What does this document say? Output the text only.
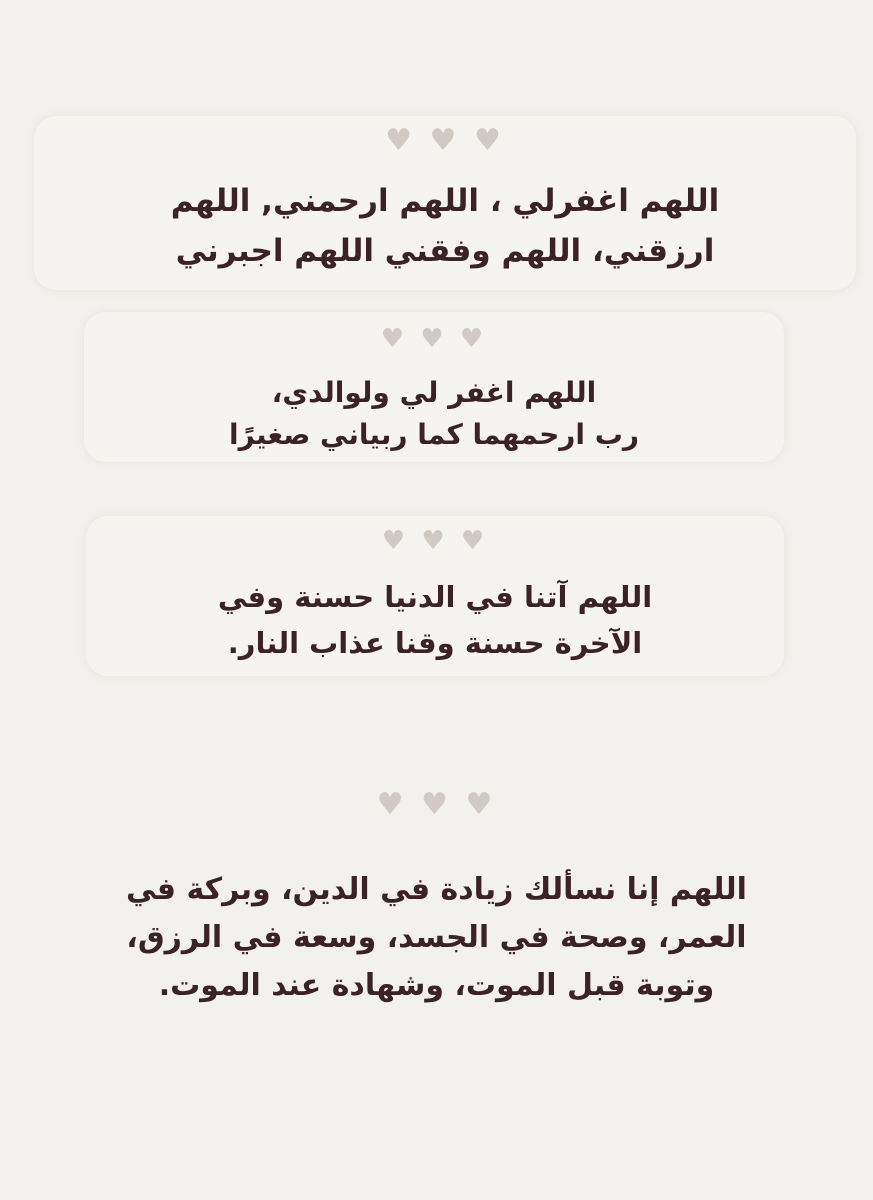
♥ ♥ ♥
اللهم اغفرلي ، اللهم ارحمني, اللهم
ارزقني، اللهم وفقني اللهم اجبرني
♥ ♥ ♥
اللهم اغفر لي ولوالدي،
رب ارحمهما كما ربياني صغيرًا
♥ ♥ ♥
اللهم آتنا في الدنيا حسنة وفي
الآخرة حسنة وقنا عذاب النار.
♥ ♥ ♥
اللهم إنا نسألك زيادة في الدين، وبركة في
العمر، وصحة في الجسد، وسعة في الرزق،
وتوبة قبل الموت، وشهادة عند الموت.
